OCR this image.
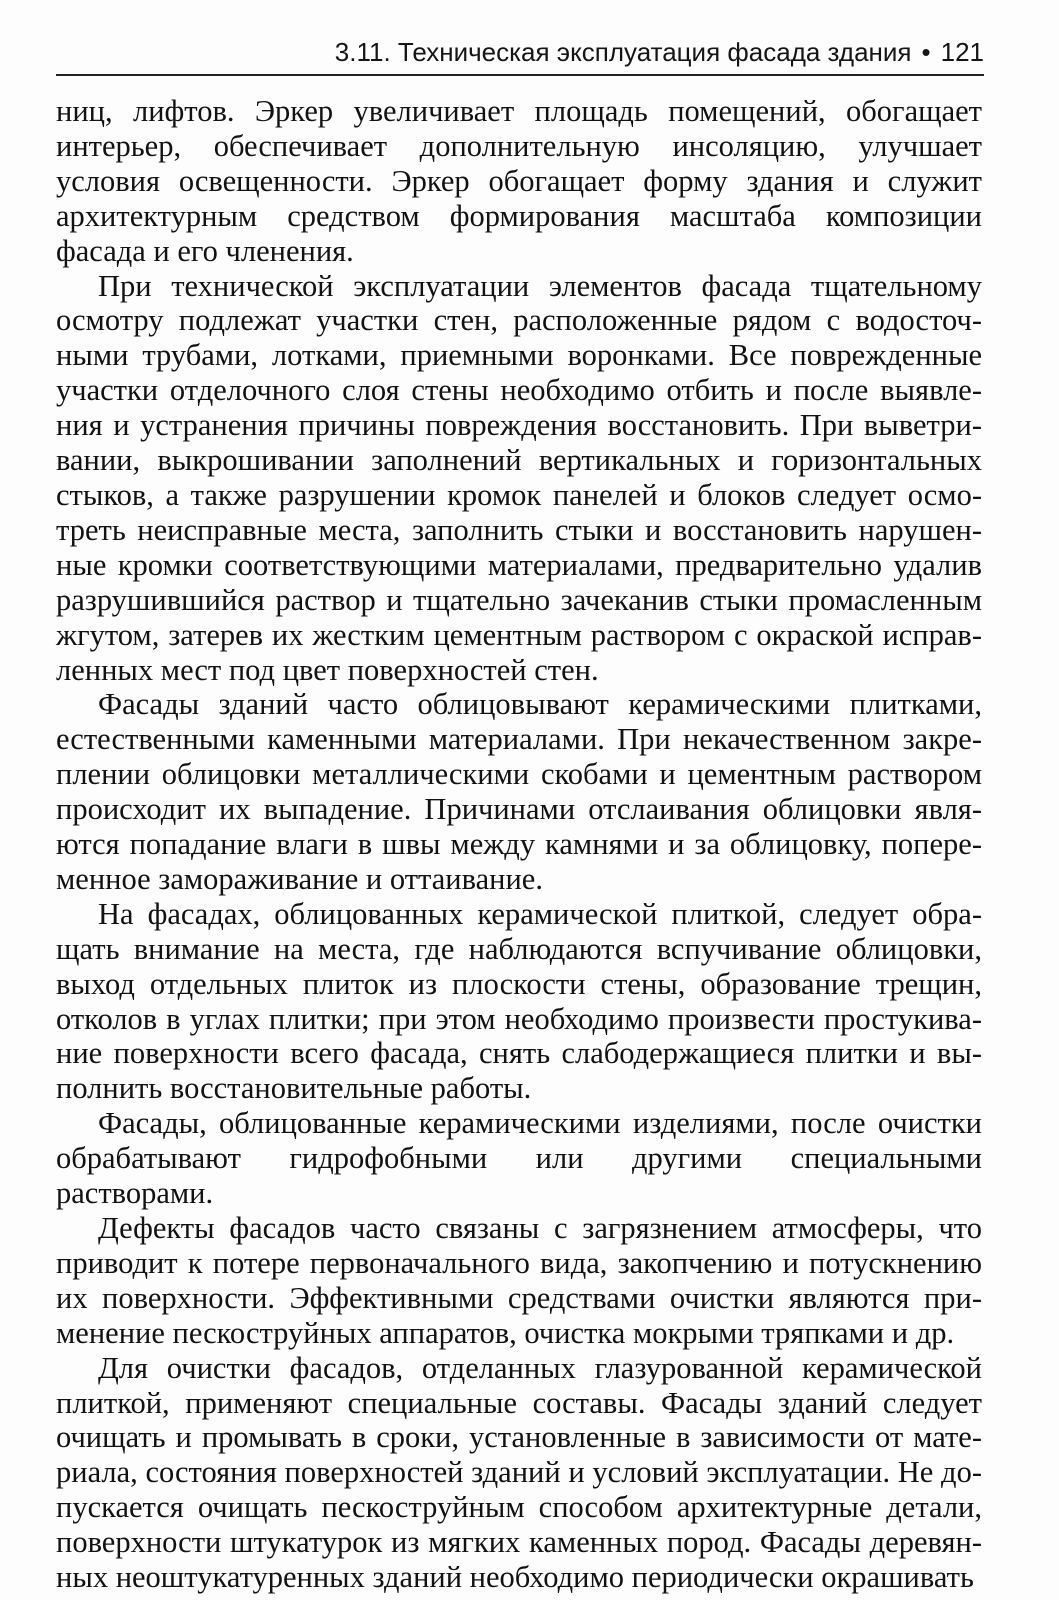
3.11. Техническая эксплуатация фасада здания • 121

ниц, лифтов. Эркер увеличивает площадь помещений, обогащает интерьер, обеспечивает дополнительную инсоляцию, улучшает условия освещенности. Эркер обогащает форму здания и служит архитектурным средством формирования масштаба композиции фасада и его членения.

При технической эксплуатации элементов фасада тщательному осмотру подлежат участки стен, расположенные рядом с водосточными трубами, лотками, приемными воронками. Все поврежденные участки отделочного слоя стены необходимо отбить и после выявления и устранения причины повреждения восстановить. При выветривании, выкрошивании заполнений вертикальных и горизонтальных стыков, а также разрушении кромок панелей и блоков следует осмотреть неисправные места, заполнить стыки и восстановить нарушенные кромки соответствующими материалами, предварительно удалив разрушившийся раствор и тщательно зачеканив стыки промасленным жгутом, затерев их жестким цементным раствором с окраской исправленных мест под цвет поверхностей стен.

Фасады зданий часто облицовывают керамическими плитками, естественными каменными материалами. При некачественном закреплении облицовки металлическими скобами и цементным раствором происходит их выпадение. Причинами отслаивания облицовки являются попадание влаги в швы между камнями и за облицовку, попеременное замораживание и оттаивание.

На фасадах, облицованных керамической плиткой, следует обращать внимание на места, где наблюдаются вспучивание облицовки, выход отдельных плиток из плоскости стены, образование трещин, отколов в углах плитки; при этом необходимо произвести простукивание поверхности всего фасада, снять слабодержащиеся плитки и выполнить восстановительные работы.

Фасады, облицованные керамическими изделиями, после очистки обрабатывают гидрофобными или другими специальными растворами.

Дефекты фасадов часто связаны с загрязнением атмосферы, что приводит к потере первоначального вида, закопчению и потускнению их поверхности. Эффективными средствами очистки являются применение пескоструйных аппаратов, очистка мокрыми тряпками и др.

Для очистки фасадов, отделанных глазурованной керамической плиткой, применяют специальные составы. Фасады зданий следует очищать и промывать в сроки, установленные в зависимости от материала, состояния поверхностей зданий и условий эксплуатации. Не допускается очищать пескоструйным способом архитектурные детали, поверхности штукатурок из мягких каменных пород. Фасады деревянных неоштукатуренных зданий необходимо периодически окрашивать
